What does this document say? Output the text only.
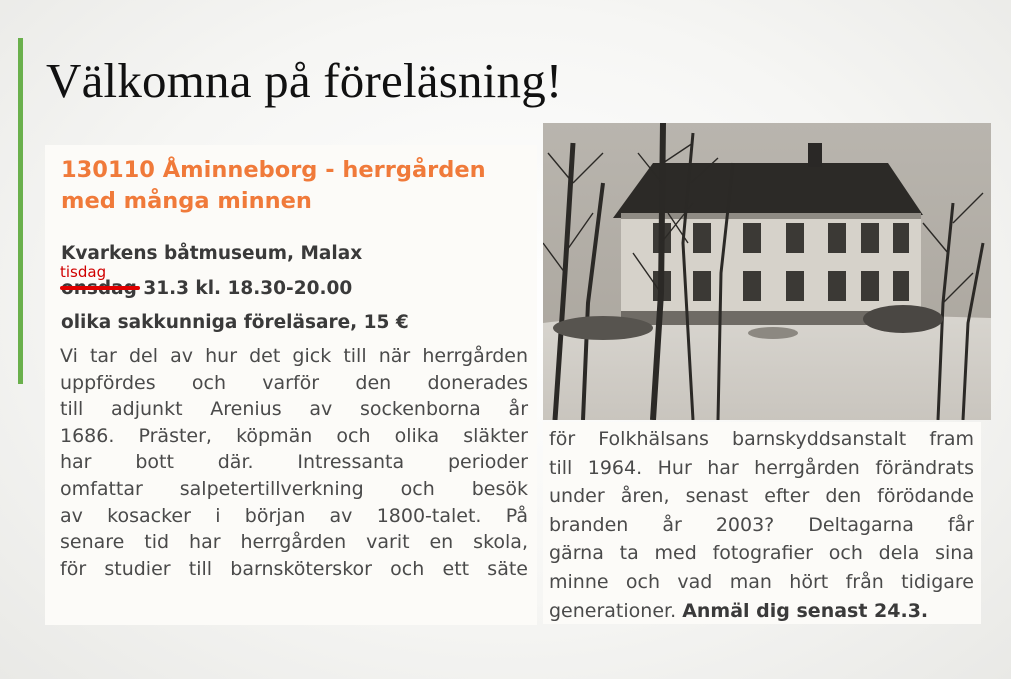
Välkomna på föreläsning!
130110 Åminneborg - herrgården med många minnen
Kvarkens båtmuseum, Malax
tisdag
31.3 kl. 18.30-20.00
olika sakkunniga föreläsare, 15 €
Vi tar del av hur det gick till när herrgården
uppfördes och varför den donerades
till adjunkt Arenius av sockenborna år
1686. Präster, köpmän och olika släkter
har bott där. Intressanta perioder
omfattar salpetertillverkning och besök
av kosacker i början av 1800-talet. På
senare tid har herrgården varit en skola,
för studier till barnsköterskor och ett säte
för Folkhälsans barnskyddsanstalt fram
till 1964. Hur har herrgården förändrats
under åren, senast efter den förödande
branden år 2003? Deltagarna får
gärna ta med fotografier och dela sina
minne och vad man hört från tidigare
generationer. Anmäl dig senast 24.3.
